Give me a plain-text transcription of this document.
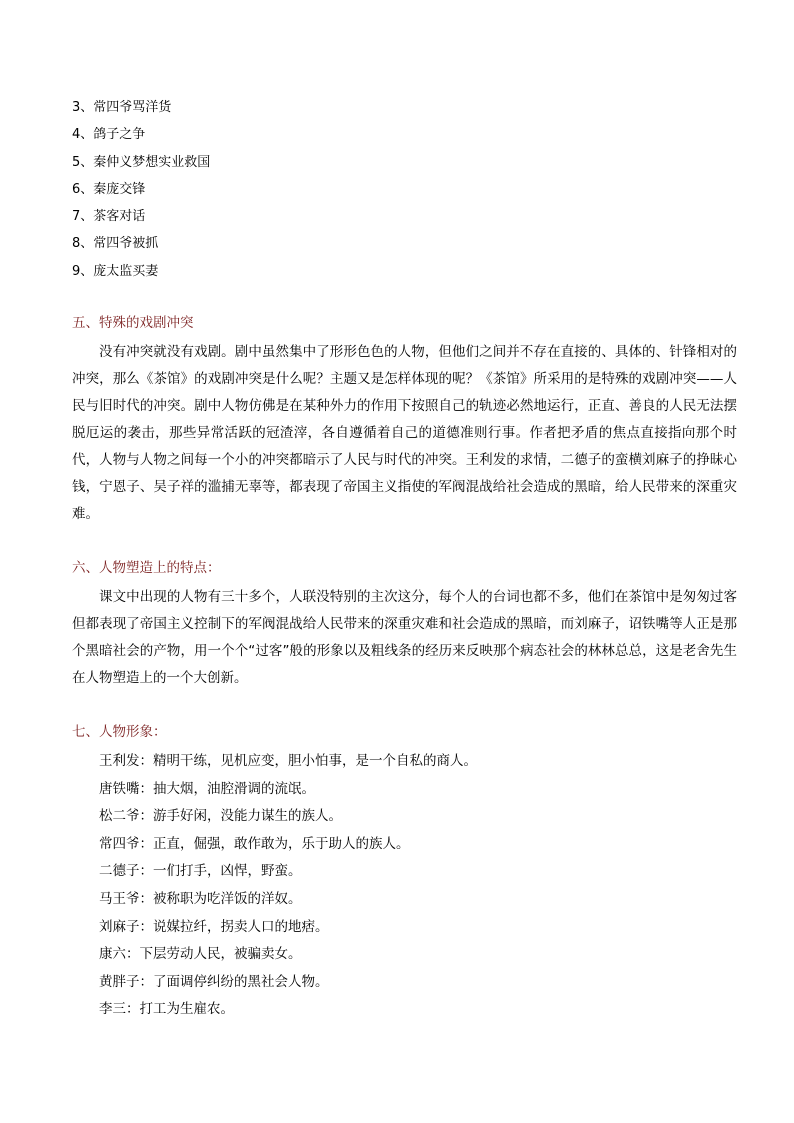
3、常四爷骂洋货
4、鸽子之争
5、秦仲义梦想实业救国
6、秦庞交锋
7、茶客对话
8、常四爷被抓
9、庞太监买妻
五、特殊的戏剧冲突

没有冲突就没有戏剧。剧中虽然集中了形形色色的人物，但他们之间并不存在直接的、具体的、针锋相对的冲突，那么《茶馆》的戏剧冲突是什么呢？主题又是怎样体现的呢？《茶馆》所采用的是特殊的戏剧冲突——人民与旧时代的冲突。剧中人物仿佛是在某种外力的作用下按照自己的轨迹必然地运行，正直、善良的人民无法摆脱厄运的袭击，那些异常活跃的冠渣滓，各自遵循着自己的道德准则行事。作者把矛盾的焦点直接指向那个时代，人物与人物之间每一个小的冲突都暗示了人民与时代的冲突。王利发的求情，二德子的蛮横刘麻子的挣昧心钱，宁恩子、吴子祥的滥捕无辜等，都表现了帝国主义指使的军阀混战给社会造成的黑暗，给人民带来的深重灾难。

六、人物塑造上的特点：

课文中出现的人物有三十多个，人联没特别的主次这分，每个人的台词也都不多，他们在茶馆中是匆匆过客但都表现了帝国主义控制下的军阀混战给人民带来的深重灾难和社会造成的黑暗，而刘麻子，诏铁嘴等人正是那个黑暗社会的产物，用一个个“过客”般的形象以及粗线条的经历来反映那个病态社会的林林总总，这是老舍先生在人物塑造上的一个大创新。

七、人物形象：
王利发：精明干练，见机应变，胆小怕事，是一个自私的商人。
唐铁嘴：抽大烟，油腔滑调的流氓。
松二爷：游手好闲，没能力谋生的族人。
常四爷：正直，倔强，敢作敢为，乐于助人的族人。
二德子：一们打手，凶悍，野蛮。
马王爷：被称职为吃洋饭的洋奴。
刘麻子：说媒拉纤，拐卖人口的地痞。
康六：下层劳动人民，被骗卖女。
黄胖子：了面调停纠纷的黑社会人物。
李三：打工为生雇农。
